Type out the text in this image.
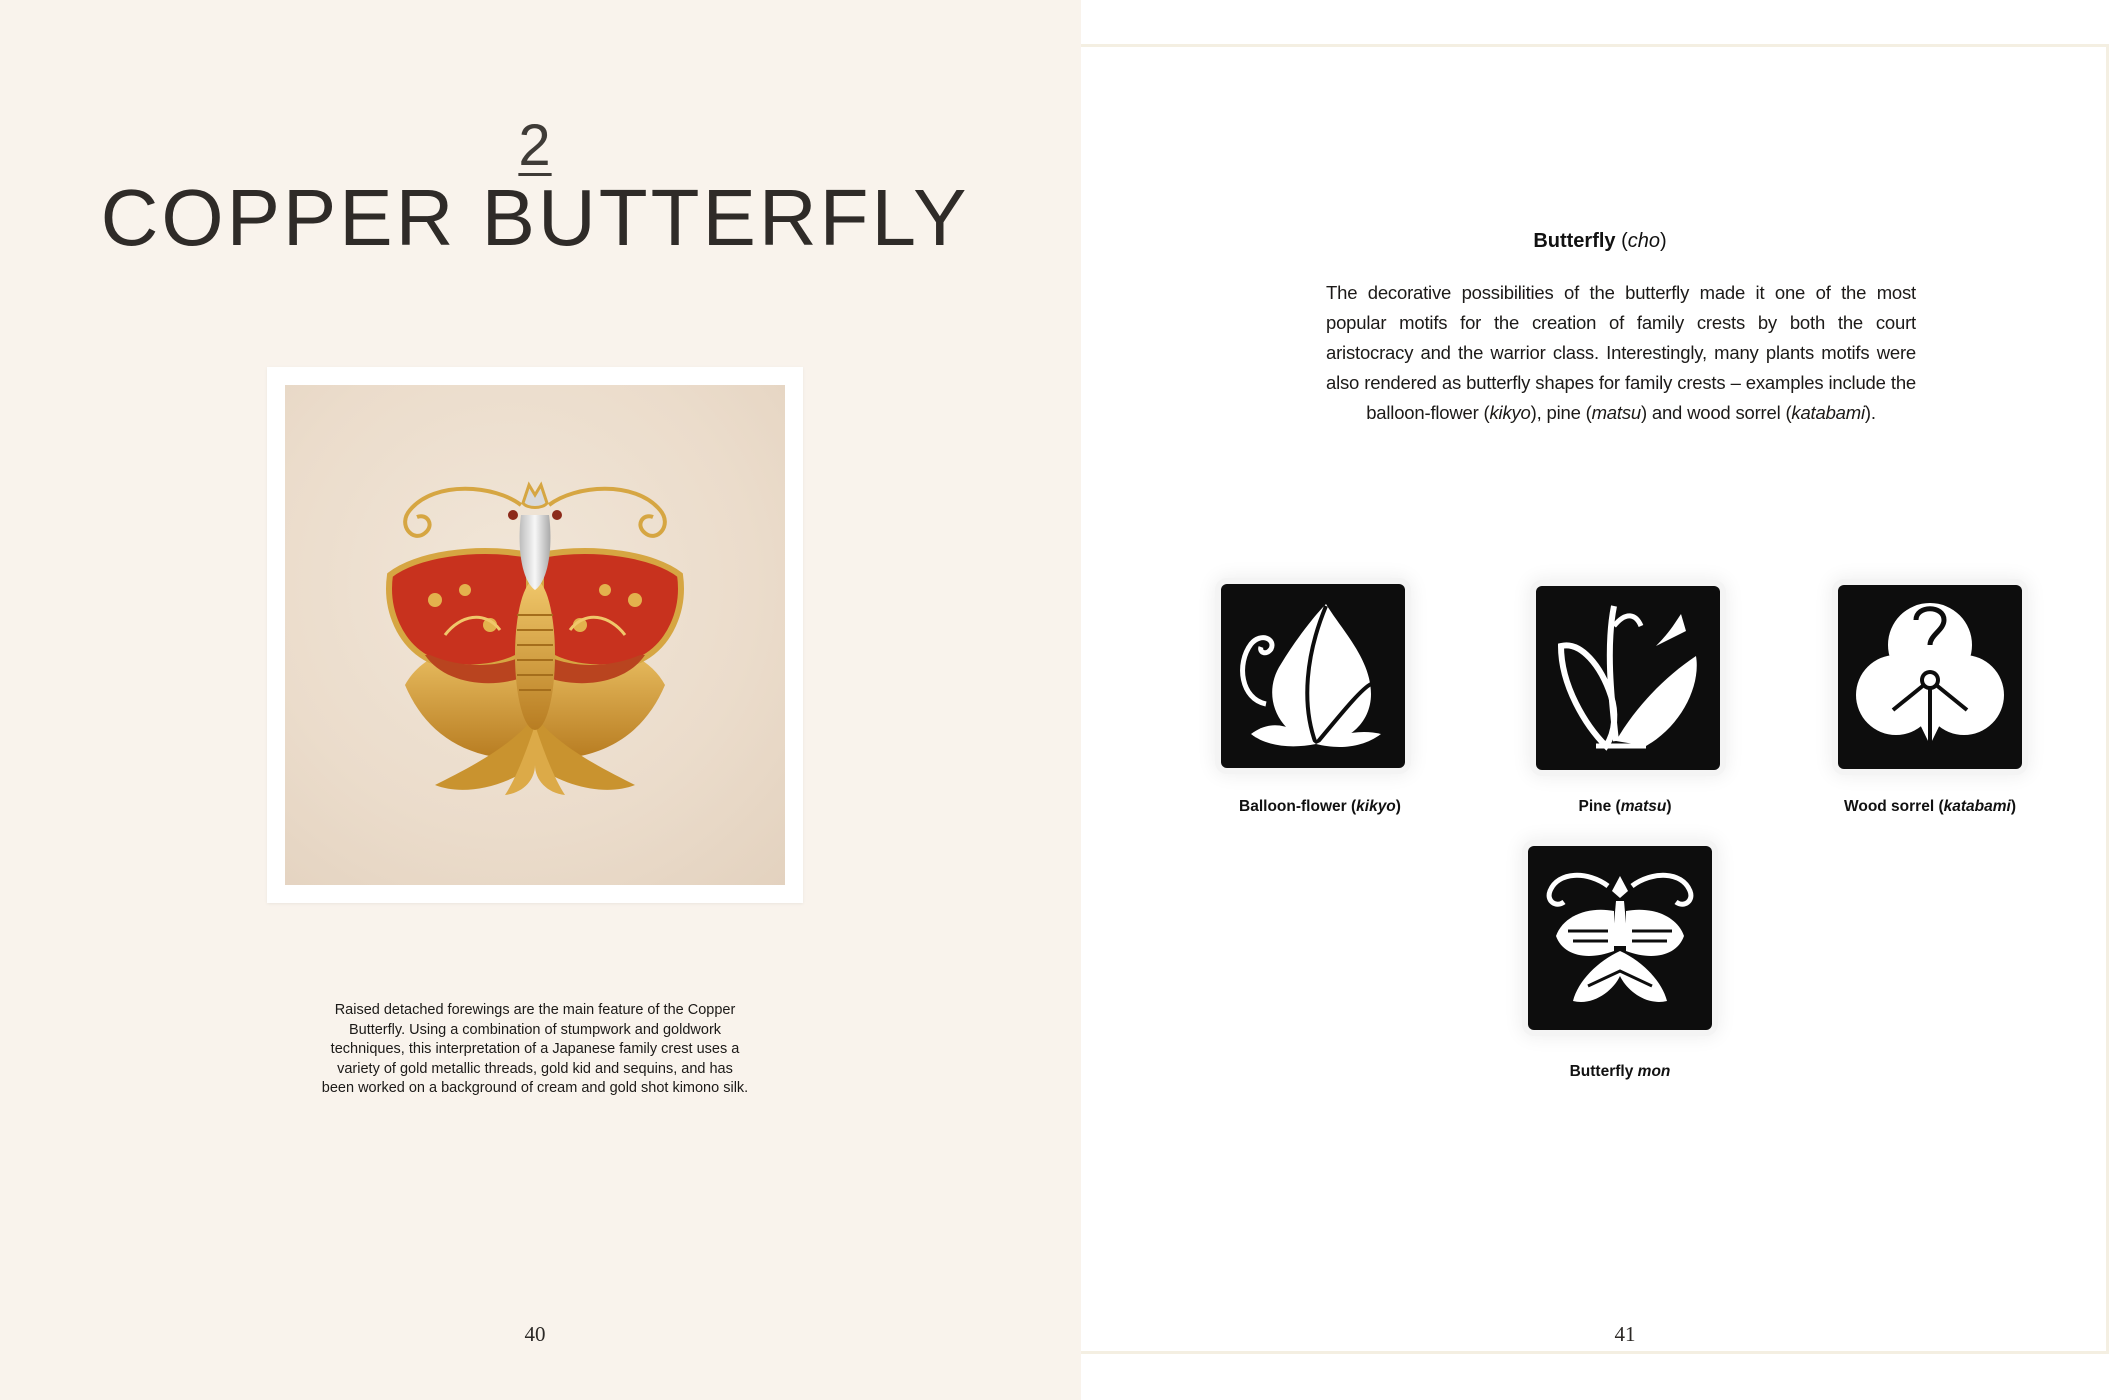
2
COPPER BUTTERFLY
Raised detached forewings are the main feature of the Copper Butterfly. Using a combination of stumpwork and goldwork techniques, this interpretation of a Japanese family crest uses a variety of gold metallic threads, gold kid and sequins, and has been worked on a background of cream and gold shot kimono silk.
40
Butterfly (cho)
The decorative possibilities of the butterfly made it one of the most popular motifs for the creation of family crests by both the court aristocracy and the warrior class. Interestingly, many plants motifs were also rendered as butterfly shapes for family crests – examples include the balloon-flower (kikyo), pine (matsu) and wood sorrel (katabami).
Balloon-flower (kikyo)	Pine (matsu)	Wood sorrel (katabami)
Butterfly mon
41
